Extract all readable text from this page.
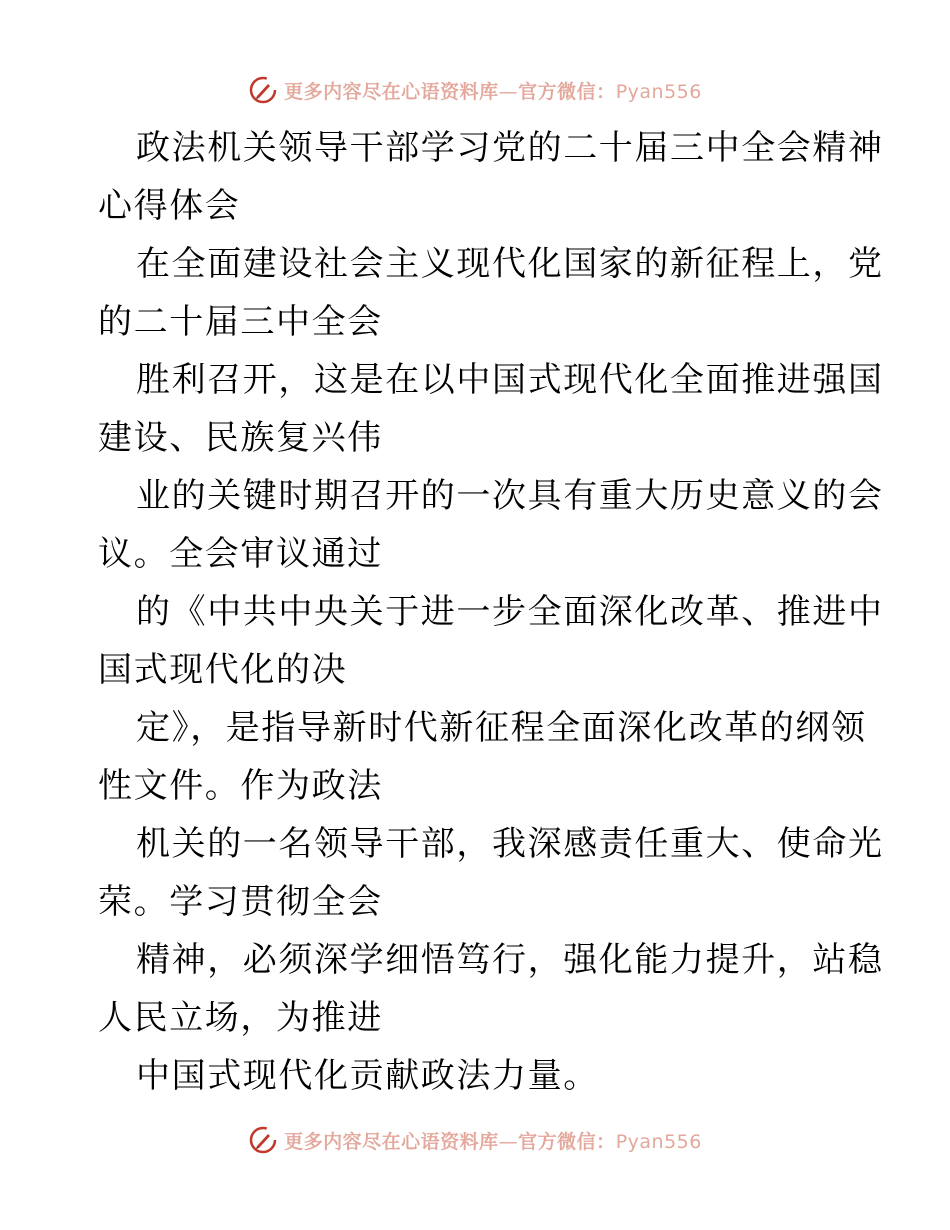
更多内容尽在心语资料库—官方微信：Pyan556
政法机关领导干部学习党的二十届三中全会精神
心得体会
在全面建设社会主义现代化国家的新征程上，党
的二十届三中全会
胜利召开，这是在以中国式现代化全面推进强国
建设、民族复兴伟
业的关键时期召开的一次具有重大历史意义的会
议。全会审议通过
的《中共中央关于进一步全面深化改革、推进中
国式现代化的决
定》，是指导新时代新征程全面深化改革的纲领
性文件。作为政法
机关的一名领导干部，我深感责任重大、使命光
荣。学习贯彻全会
精神，必须深学细悟笃行，强化能力提升，站稳
人民立场，为推进
中国式现代化贡献政法力量。
更多内容尽在心语资料库—官方微信：Pyan556
